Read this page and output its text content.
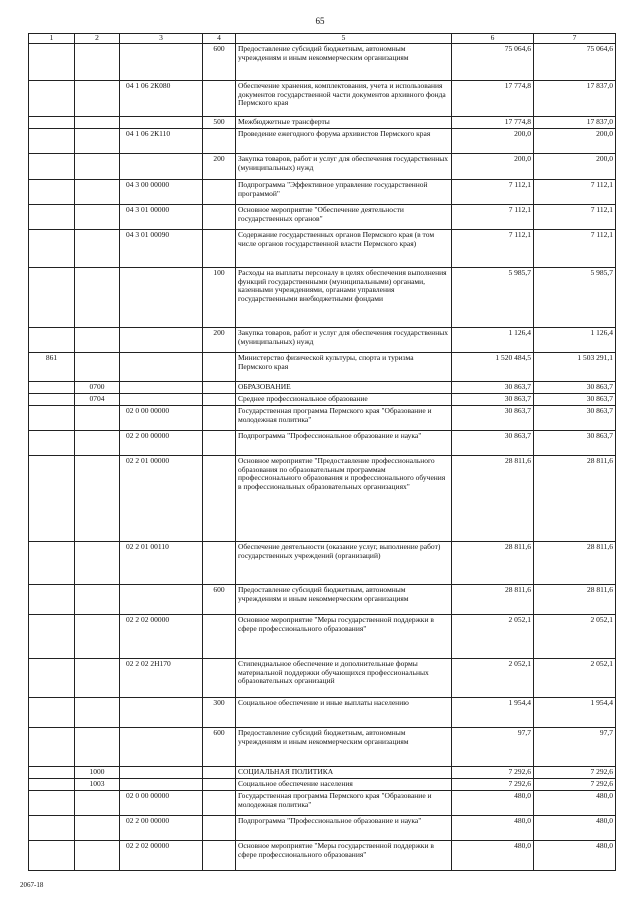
65
1	2	3	4	5	6	7
			600	Предоставление субсидий бюджетным, автономным учреждениям и иным некоммерческим организациям	75 064,6	75 064,6
		04 1 06 2К080		Обеспечение хранения, комплектования, учета и использования документов государственной части документов архивного фонда Пермского края	17 774,8	17 837,0
			500	Межбюджетные трансферты	17 774,8	17 837,0
		04 1 06 2К110		Проведение ежегодного форума архивистов Пермского края	200,0	200,0
			200	Закупка товаров, работ и услуг для обеспечения государственных (муниципальных) нужд	200,0	200,0
		04 3 00 00000		Подпрограмма "Эффективное управление государственной программой"	7 112,1	7 112,1
		04 3 01 00000		Основное мероприятие "Обеспечение деятельности государственных органов"	7 112,1	7 112,1
		04 3 01 00090		Содержание государственных органов Пермского края (в том числе органов государственной власти Пермского края)	7 112,1	7 112,1
			100	Расходы на выплаты персоналу в целях обеспечения выполнения функций государственными (муниципальными) органами, казенными учреждениями, органами управления государственными внебюджетными фондами	5 985,7	5 985,7
			200	Закупка товаров, работ и услуг для обеспечения государственных (муниципальных) нужд	1 126,4	1 126,4
861				Министерство физической культуры, спорта и туризма Пермского края	1 520 484,5	1 503 291,1
	0700			ОБРАЗОВАНИЕ	30 863,7	30 863,7
	0704			Среднее профессиональное образование	30 863,7	30 863,7
		02 0 00 00000		Государственная программа Пермского края "Образование и молодежная политика"	30 863,7	30 863,7
		02 2 00 00000		Подпрограмма "Профессиональное образование и наука"	30 863,7	30 863,7
		02 2 01 00000		Основное мероприятие "Предоставление профессионального образования по образовательным программам профессионального образования и профессионального обучения в профессиональных образовательных организациях"	28 811,6	28 811,6
		02 2 01 00110		Обеспечение деятельности (оказание услуг, выполнение работ) государственных учреждений (организаций)	28 811,6	28 811,6
			600	Предоставление субсидий бюджетным, автономным учреждениям и иным некоммерческим организациям	28 811,6	28 811,6
		02 2 02 00000		Основное мероприятие "Меры государственной поддержки в сфере профессионального образования"	2 052,1	2 052,1
		02 2 02 2Н170		Стипендиальное обеспечение и дополнительные формы материальной поддержки обучающихся профессиональных образовательных организаций	2 052,1	2 052,1
			300	Социальное обеспечение и иные выплаты населению	1 954,4	1 954,4
			600	Предоставление субсидий бюджетным, автономным учреждениям и иным некоммерческим организациям	97,7	97,7
	1000			СОЦИАЛЬНАЯ ПОЛИТИКА	7 292,6	7 292,6
	1003			Социальное обеспечение населения	7 292,6	7 292,6
		02 0 00 00000		Государственная программа Пермского края "Образование и молодежная политика"	480,0	480,0
		02 2 00 00000		Подпрограмма "Профессиональное образование и наука"	480,0	480,0
		02 2 02 00000		Основное мероприятие "Меры государственной поддержки в сфере профессионального образования"	480,0	480,0
2067-18
